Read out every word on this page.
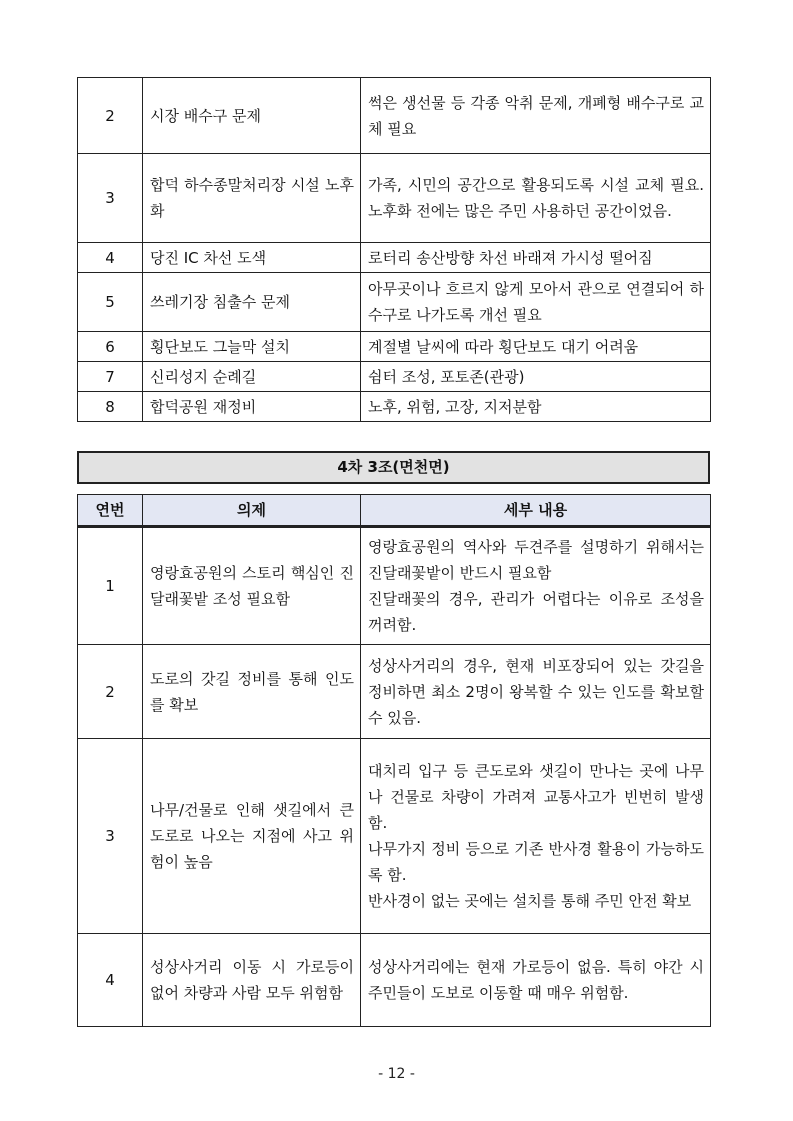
2	시장 배수구 문제	썩은 생선물 등 각종 악취 문제, 개폐형 배수구로 교체 필요

3	합덕 하수종말처리장 시설 노후화	가족, 시민의 공간으로 활용되도록 시설 교체 필요. 노후화 전에는 많은 주민 사용하던 공간이었음.

4	당진 IC 차선 도색	로터리 송산방향 차선 바래져 가시성 떨어짐

5	쓰레기장 침출수 문제	아무곳이나 흐르지 않게 모아서 관으로 연결되어 하수구로 나가도록 개선 필요

6	횡단보도 그늘막 설치	계절별 날씨에 따라 횡단보도 대기 어려움

7	신리성지 순례길	쉼터 조성, 포토존(관광)

8	합덕공원 재정비	노후, 위험, 고장, 지저분함
4차 3조(면천면)
연번	의제	세부 내용
1	영랑효공원의 스토리 핵심인 진달래꽃밭 조성 필요함	영랑효공원의 역사와 두견주를 설명하기 위해서는 진달래꽃밭이 반드시 필요함
진달래꽃의 경우, 관리가 어렵다는 이유로 조성을 꺼려함.

2	도로의 갓길 정비를 통해 인도를 확보	성상사거리의 경우, 현재 비포장되어 있는 갓길을 정비하면 최소 2명이 왕복할 수 있는 인도를 확보할 수 있음.

3	나무/건물로 인해 샛길에서 큰도로로 나오는 지점에 사고 위험이 높음	대치리 입구 등 큰도로와 샛길이 만나는 곳에 나무나 건물로 차량이 가려져 교통사고가 빈번히 발생함.
나무가지 정비 등으로 기존 반사경 활용이 가능하도록 함.
반사경이 없는 곳에는 설치를 통해 주민 안전 확보

4	성상사거리 이동 시 가로등이 없어 차량과 사람 모두 위험함	성상사거리에는 현재 가로등이 없음. 특히 야간 시 주민들이 도보로 이동할 때 매우 위험함.
- 12 -
